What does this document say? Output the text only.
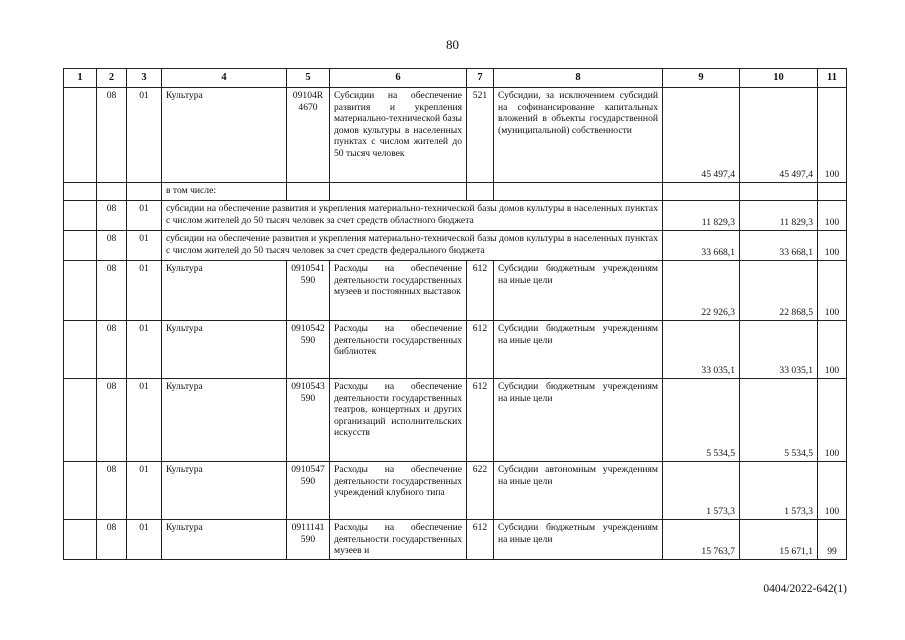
80
1	2	3	4	5	6	7	8	9	10	11
	08	01	Культура	09104R4670	Субсидии на обеспечение развития и укрепления материально-технической базы домов культуры в населенных пунктах с числом жителей до 50 тысяч человек	521	Субсидии, за исключением субсидий на софинансирование капитальных вложений в объекты государственной (муниципальной) собственности	45 497,4	45 497,4	100
			в том числе:							
	08	01	субсидии на обеспечение развития и укрепления материально-технической базы домов культуры в населенных пунктах с числом жителей до 50 тысяч человек за счет средств областного бюджета					11 829,3	11 829,3	100
	08	01	субсидии на обеспечение развития и укрепления материально-технической базы домов культуры в населенных пунктах с числом жителей до 50 тысяч человек за счет средств федерального бюджета					33 668,1	33 668,1	100
	08	01	Культура	0910541590	Расходы на обеспечение деятельности государственных музеев и постоянных выставок	612	Субсидии бюджетным учреждениям на иные цели	22 926,3	22 868,5	100
	08	01	Культура	0910542590	Расходы на обеспечение деятельности государственных библиотек	612	Субсидии бюджетным учреждениям на иные цели	33 035,1	33 035,1	100
	08	01	Культура	0910543590	Расходы на обеспечение деятельности государственных театров, концертных и других организаций исполнительских искусств	612	Субсидии бюджетным учреждениям на иные цели	5 534,5	5 534,5	100
	08	01	Культура	0910547590	Расходы на обеспечение деятельности государственных учреждений клубного типа	622	Субсидии автономным учреждениям на иные цели	1 573,3	1 573,3	100
	08	01	Культура	0911141590	Расходы на обеспечение деятельности государственных музеев и	612	Субсидии бюджетным учреждениям на иные цели	15 763,7	15 671,1	99
0404/2022-642(1)
